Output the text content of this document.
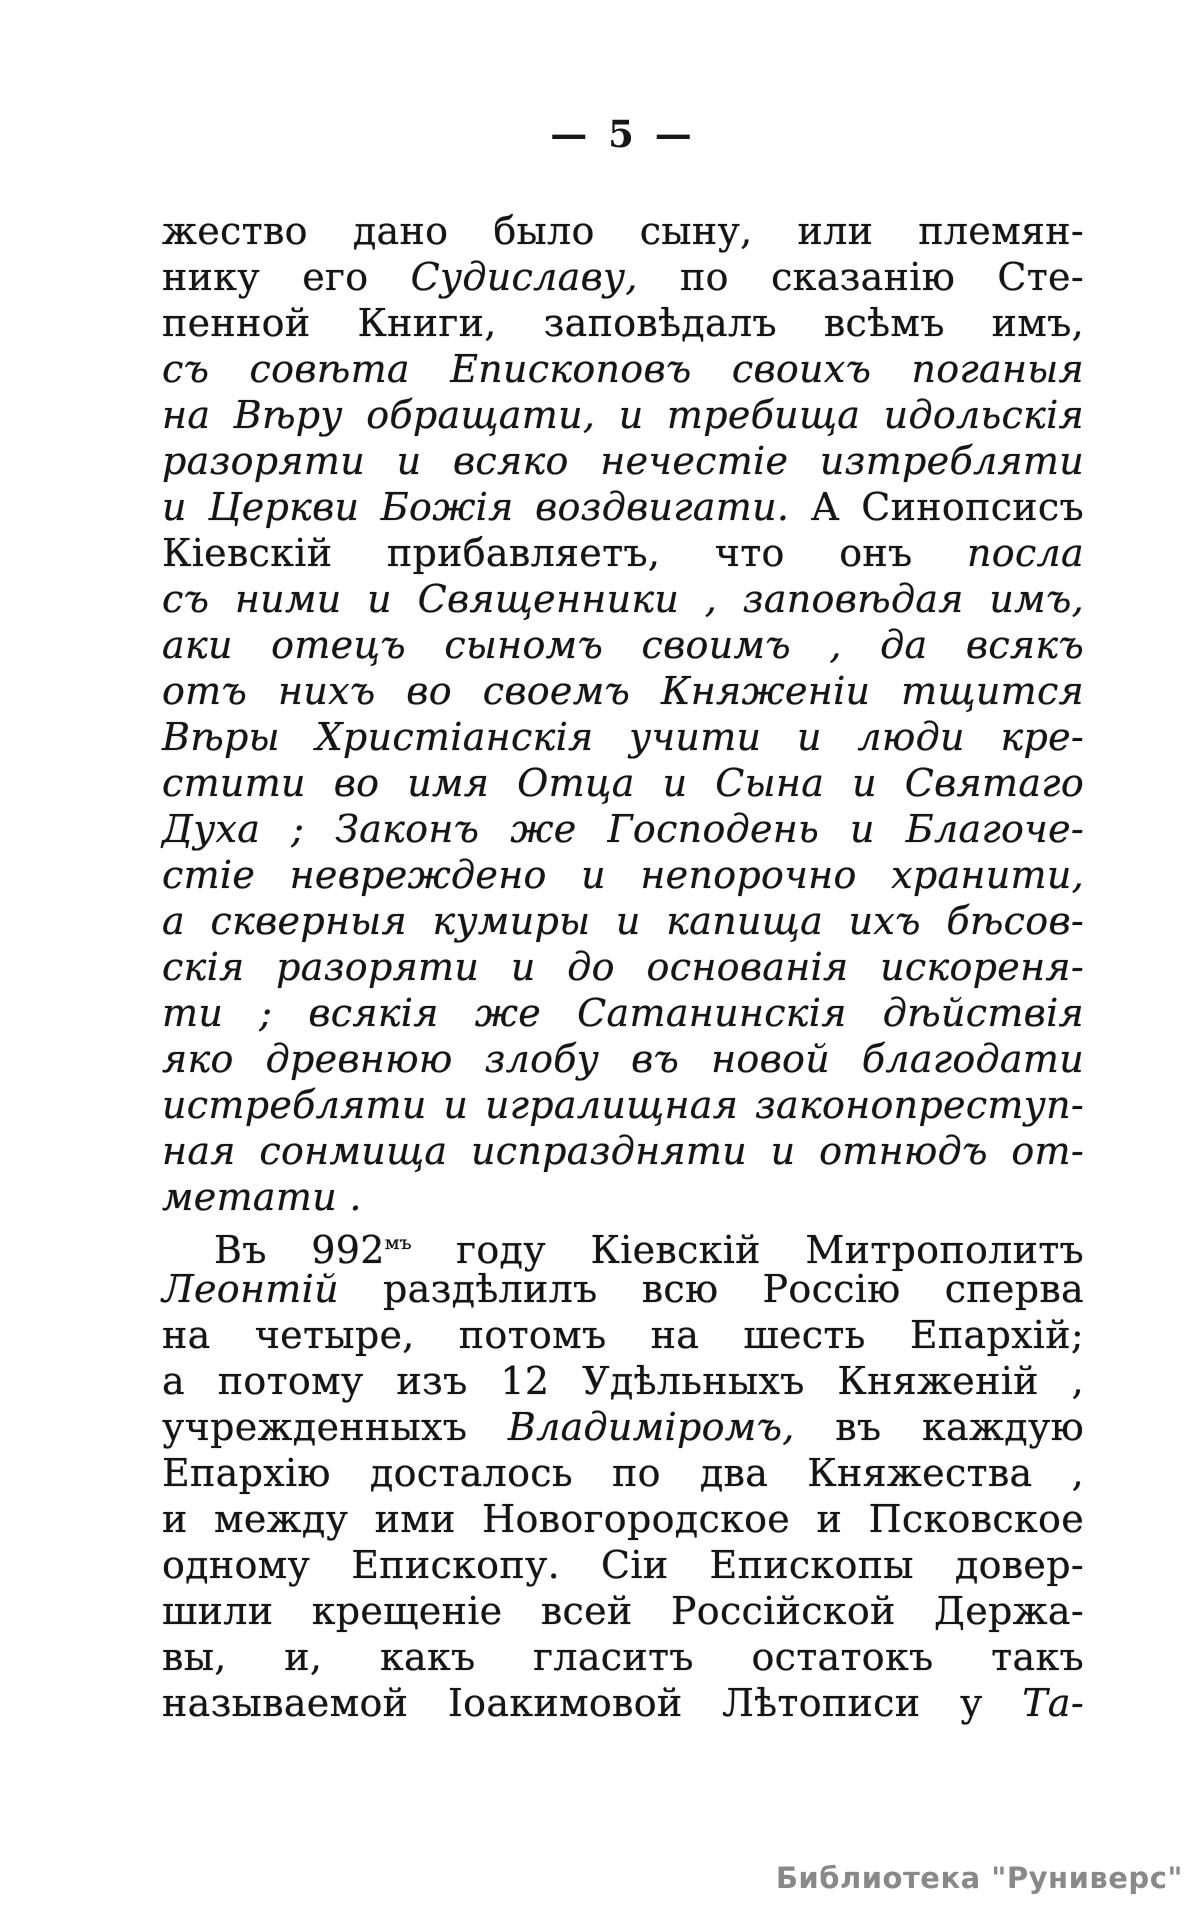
— 5 —
жество дано было сыну, или племян-
нику его Судиславу, по сказанію Сте-
пенной Книги, заповѣдалъ всѣмъ имъ,
съ совѣта Епископовъ своихъ поганыя
на Вѣру обращати, и требища идольскія
разоряти и всяко нечестіе изтребляти
и Церкви Божія воздвигати. А Синопсисъ
Кіевскій прибавляетъ, что онъ посла
съ ними и Священники , заповѣдая имъ,
аки отецъ сыномъ своимъ , да всякъ
отъ нихъ во своемъ Княженіи тщится
Вѣры Христіанскія учити и люди кре-
стити во имя Отца и Сына и Святаго
Духа ; Законъ же Господень и Благоче-
стіе невреждено и непорочно хранити,
а скверныя кумиры и капища ихъ бѣсов-
скія разоряти и до основанія искореня-
ти ; всякія же Сатанинскія дѣйствія
яко древнюю злобу въ новой благодати
истребляти и игралищная законопреступ-
ная сонмища испраздняти и отнюдъ от-
метати .
Въ $992^{мъ}$ году Кіевскій Митрополитъ
Леонтій раздѣлилъ всю Россію сперва
на четыре, потомъ на шесть Епархій;
а потому изъ 12 Удѣльныхъ Княженій ,
учрежденныхъ Владиміромъ, въ каждую
Епархію досталось по два Княжества ,
и между ими Новогородское и Псковское
одному Епископу. Сіи Епископы довер-
шили крещеніе всей Россійской Держа-
вы, и, какъ гласитъ остатокъ такъ
называемой Іоакимовой Лѣтописи у Та-
Библиотека "Руниверс"
